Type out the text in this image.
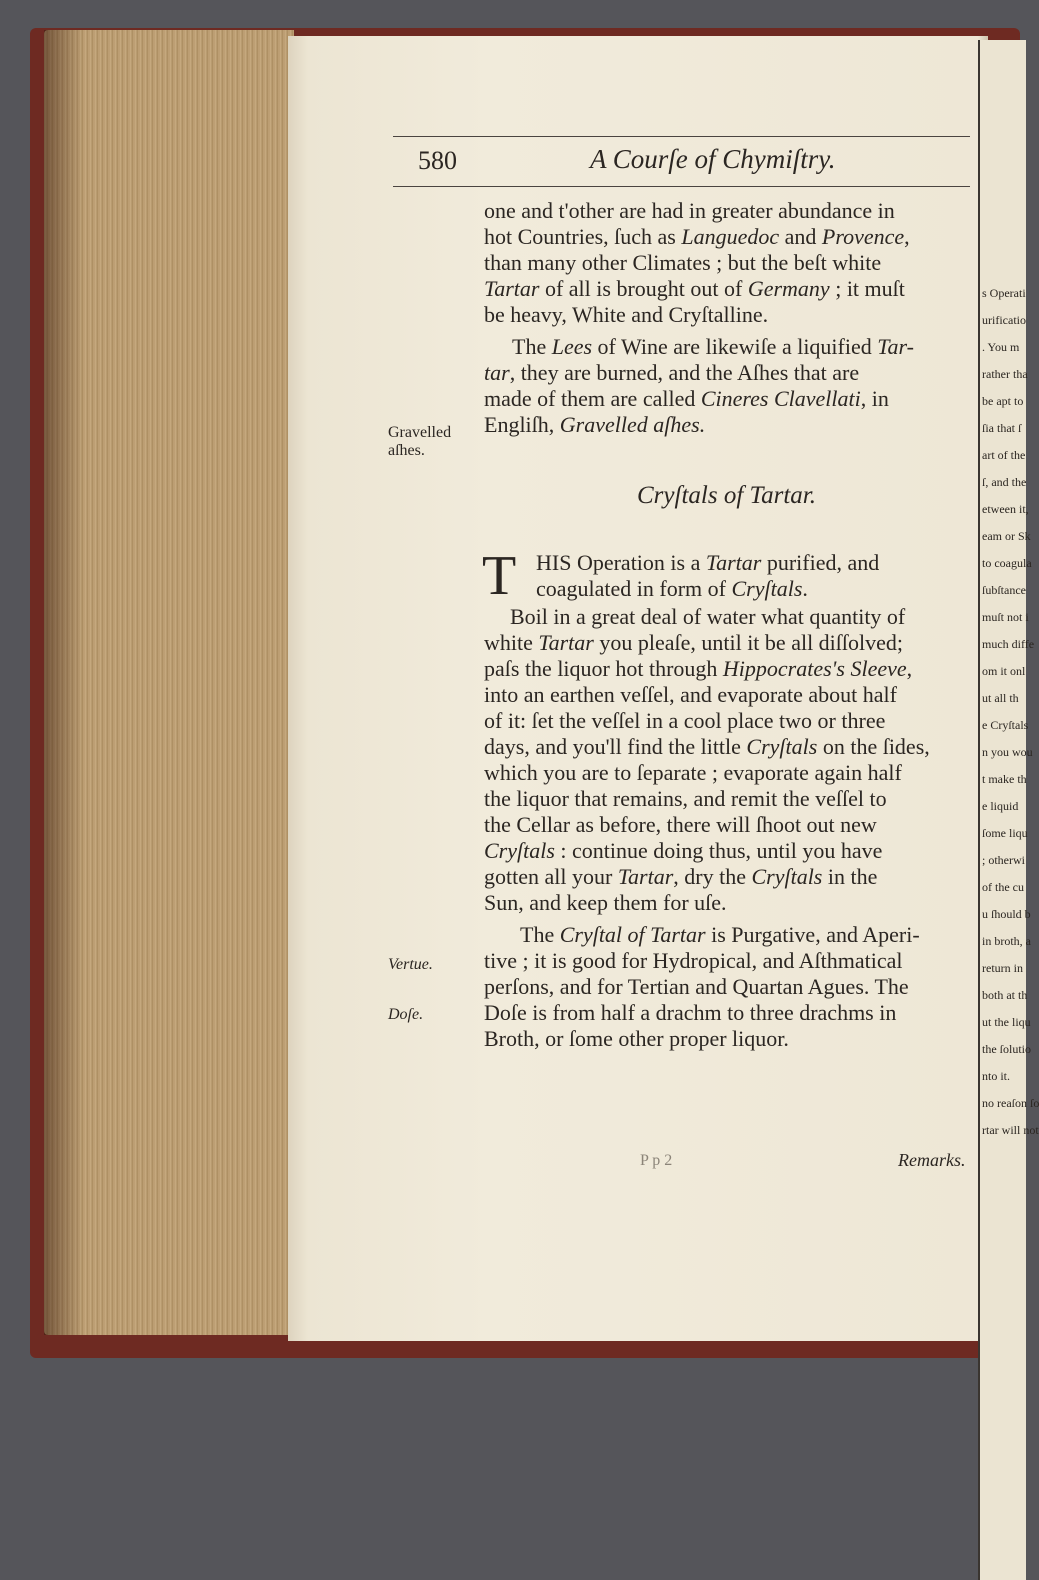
s Operati
urificatio
. You m
rather tha
be apt to
ſia that ſ
art of the
ſ, and the
etween it,
eam or Sk
to coagula
ſubſtance
muſt not i
much diffe
om it onl
ut all th
e Cryſtals
n you wou
t make th
e liquid
ſome liqu
; otherwi
of the cu
u ſhould b
in broth, a
return in
both at th
ut the liqu
the ſolutio
nto it.
no reaſon ſo
rtar will not
580	A Courſe of Chymiſtry.
one and t'other are had in greater abundance in
hot Countries, ſuch as Languedoc and Provence,
than many other Climates ; but the beſt white
Tartar of all is brought out of Germany ; it muſt
be heavy, White and Cryſtalline.
The Lees of Wine are likewiſe a liquified Tar-
tar, they are burned, and the Aſhes that are
made of them are called Cineres Clavellati, in
Engliſh, Gravelled aſhes.
Gravelled
aſhes.
Cryſtals of Tartar.
T HIS Operation is a Tartar purified, and
coagulated in form of Cryſtals.
Boil in a great deal of water what quantity of
white Tartar you pleaſe, until it be all diſſolved;
paſs the liquor hot through Hippocrates's Sleeve,
into an earthen veſſel, and evaporate about half
of it: ſet the veſſel in a cool place two or three
days, and you'll find the little Cryſtals on the ſides,
which you are to ſeparate ; evaporate again half
the liquor that remains, and remit the veſſel to
the Cellar as before, there will ſhoot out new
Cryſtals : continue doing thus, until you have
gotten all your Tartar, dry the Cryſtals in the
Sun, and keep them for uſe.
The Cryſtal of Tartar is Purgative, and Aperi-
tive ; it is good for Hydropical, and Aſthmatical
perſons, and for Tertian and Quartan Agues. The
Doſe is from half a drachm to three drachms in
Broth, or ſome other proper liquor.
Vertue.
Doſe.
P p 2	Remarks.
